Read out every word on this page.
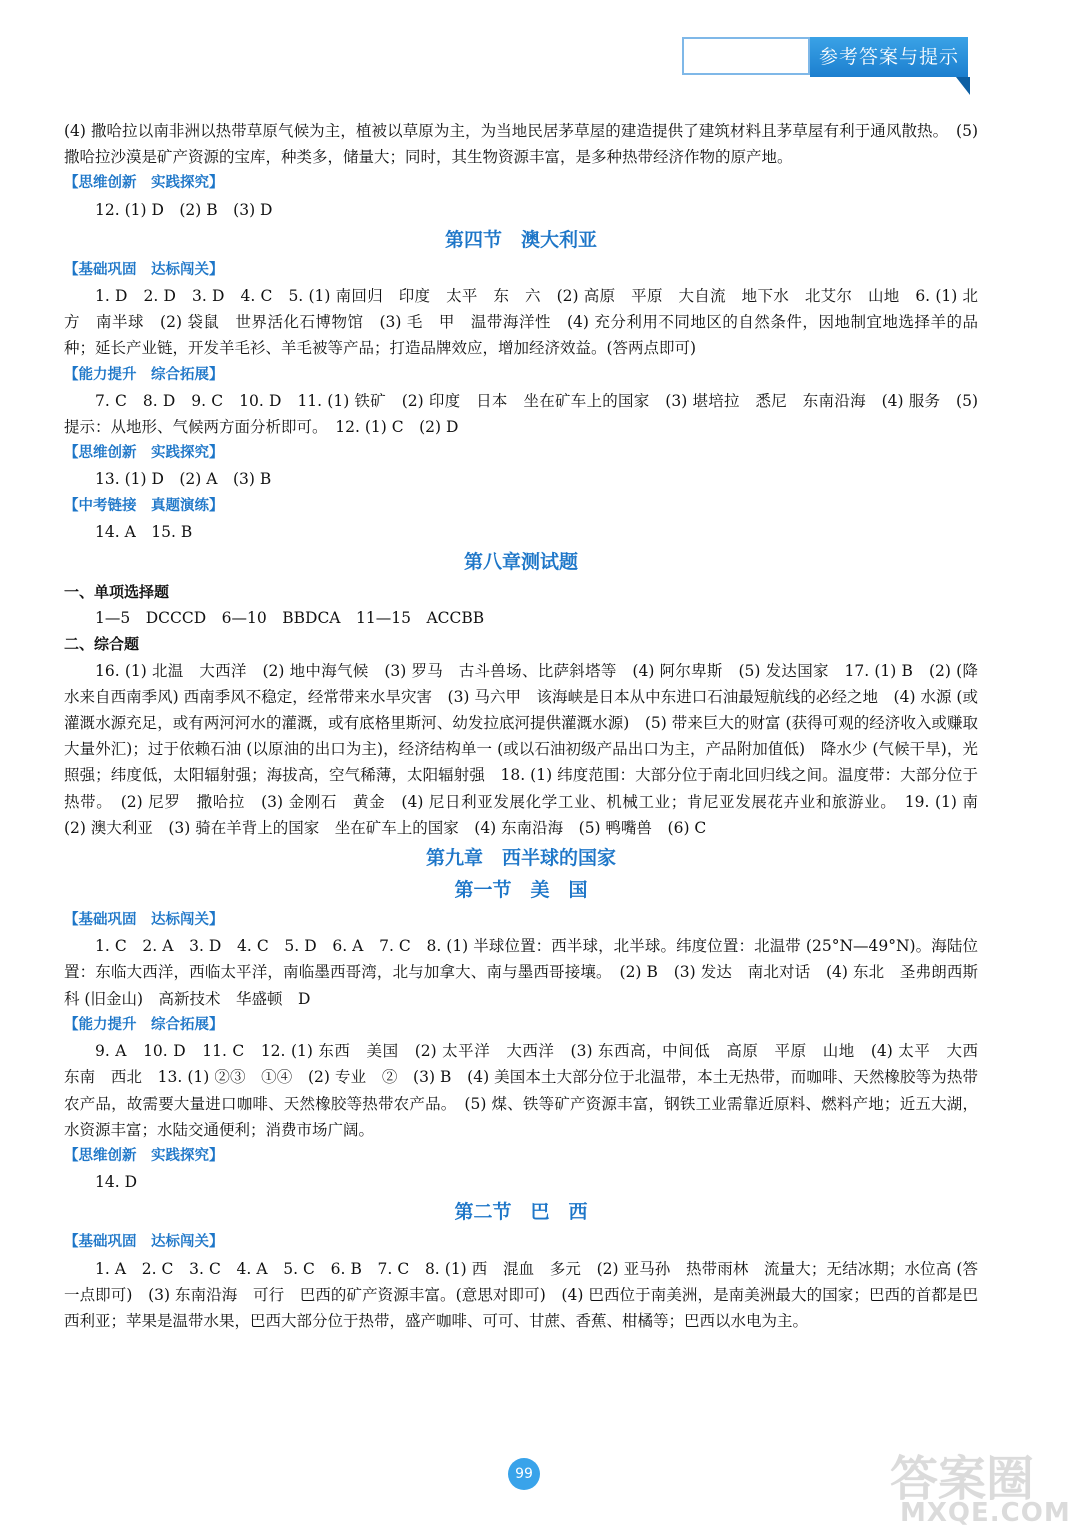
参考答案与提示

(4) 撒哈拉以南非洲以热带草原气候为主，植被以草原为主，为当地民居茅草屋的建造提供了建筑材料且茅草屋有利于通风散热。　(5) 撒哈拉沙漠是矿产资源的宝库，种类多，储量大；同时，其生物资源丰富，是多种热带经济作物的原产地。

【思维创新　实践探究】

12. (1) D　(2) B　(3) D

第四节　澳大利亚
【基础巩固　达标闯关】

1. D　2. D　3. D　4. C　5. (1) 南回归　印度　太平　东　六　(2) 高原　平原　大自流　地下水　北艾尔　山地　6. (1) 北方　南半球　(2) 袋鼠　世界活化石博物馆　(3) 毛　甲　温带海洋性　(4) 充分利用不同地区的自然条件，因地制宜地选择羊的品种；延长产业链，开发羊毛衫、羊毛被等产品；打造品牌效应，增加经济效益。(答两点即可)

【能力提升　综合拓展】

7. C　8. D　9. C　10. D　11. (1) 铁矿　(2) 印度　日本　坐在矿车上的国家　(3) 堪培拉　悉尼　东南沿海　(4) 服务　(5) 提示：从地形、气候两方面分析即可。　12. (1) C　(2) D

【思维创新　实践探究】

13. (1) D　(2) A　(3) B

【中考链接　真题演练】

14. A　15. B

第八章测试题
一、单项选择题

1—5　DCCCD　6—10　BBDCA　11—15　ACCBB

二、综合题

16. (1) 北温　大西洋　(2) 地中海气候　(3) 罗马　古斗兽场、比萨斜塔等　(4) 阿尔卑斯　(5) 发达国家　17. (1) B　(2) (降水来自西南季风) 西南季风不稳定，经常带来水旱灾害　(3) 马六甲　该海峡是日本从中东进口石油最短航线的必经之地　(4) 水源 (或灌溉水源充足，或有两河河水的灌溉，或有底格里斯河、幼发拉底河提供灌溉水源)　(5) 带来巨大的财富 (获得可观的经济收入或赚取大量外汇)；过于依赖石油 (以原油的出口为主)，经济结构单一 (或以石油初级产品出口为主，产品附加值低)　降水少 (气候干旱)，光照强；纬度低，太阳辐射强；海拔高，空气稀薄，太阳辐射强　18. (1) 纬度范围：大部分位于南北回归线之间。温度带：大部分位于热带。　(2) 尼罗　撒哈拉　(3) 金刚石　黄金　(4) 尼日利亚发展化学工业、机械工业；肯尼亚发展花卉业和旅游业。　19. (1) 南　(2) 澳大利亚　(3) 骑在羊背上的国家　坐在矿车上的国家　(4) 东南沿海　(5) 鸭嘴兽　(6) C

第九章　西半球的国家
第一节　美　国
【基础巩固　达标闯关】

1. C　2. A　3. D　4. C　5. D　6. A　7. C　8. (1) 半球位置：西半球，北半球。纬度位置：北温带 (25°N—49°N)。海陆位置：东临大西洋，西临太平洋，南临墨西哥湾，北与加拿大、南与墨西哥接壤。　(2) B　(3) 发达　南北对话　(4) 东北　圣弗朗西斯科 (旧金山)　高新技术　华盛顿　D

【能力提升　综合拓展】

9. A　10. D　11. C　12. (1) 东西　美国　(2) 太平洋　大西洋　(3) 东西高，中间低　高原　平原　山地　(4) 太平　大西　东南　西北　13. (1) ②③　①④　(2) 专业　②　(3) B　(4) 美国本土大部分位于北温带，本土无热带，而咖啡、天然橡胶等为热带农产品，故需要大量进口咖啡、天然橡胶等热带农产品。　(5) 煤、铁等矿产资源丰富，钢铁工业需靠近原料、燃料产地；近五大湖，水资源丰富；水陆交通便利；消费市场广阔。

【思维创新　实践探究】

14. D

第二节　巴　西
【基础巩固　达标闯关】

1. A　2. C　3. C　4. A　5. C　6. B　7. C　8. (1) 西　混血　多元　(2) 亚马孙　热带雨林　流量大；无结冰期；水位高 (答一点即可)　(3) 东南沿海　可行　巴西的矿产资源丰富。(意思对即可)　(4) 巴西位于南美洲，是南美洲最大的国家；巴西的首都是巴西利亚；苹果是温带水果，巴西大部分位于热带，盛产咖啡、可可、甘蔗、香蕉、柑橘等；巴西以水电为主。

99	答案圈
MXQE.COM
